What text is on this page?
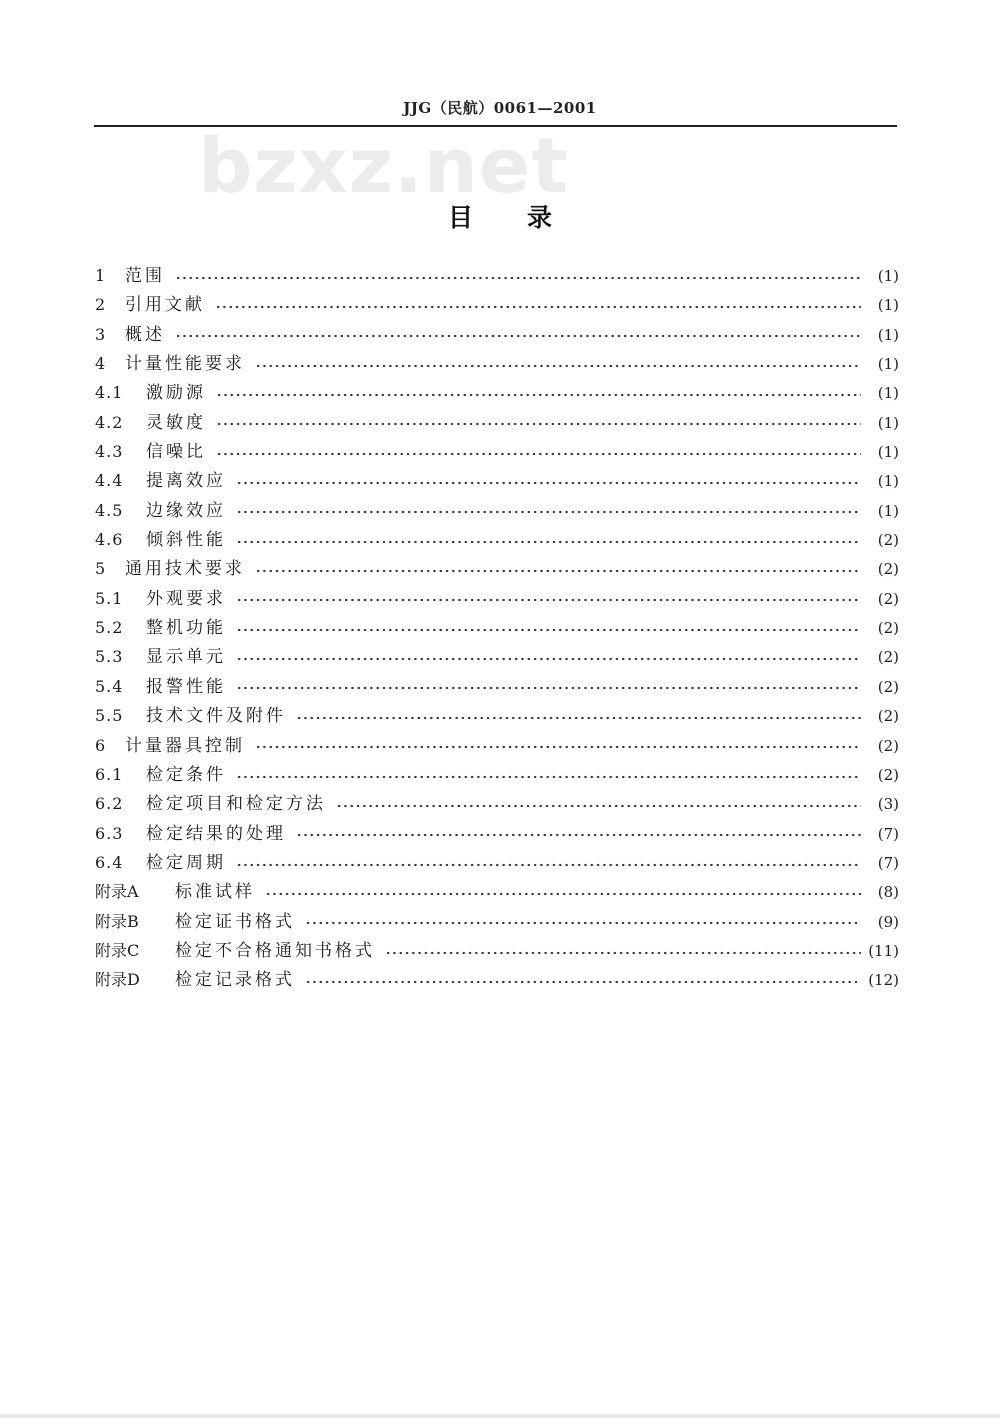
JJG（民航）0061—2001
bzxz.net
目录
1	范围	(1)
2	引用文献	(1)
3	概述	(1)
4	计量性能要求	(1)
4.1	激励源	(1)
4.2	灵敏度	(1)
4.3	信噪比	(1)
4.4	提离效应	(1)
4.5	边缘效应	(1)
4.6	倾斜性能	(2)
5	通用技术要求	(2)
5.1	外观要求	(2)
5.2	整机功能	(2)
5.3	显示单元	(2)
5.4	报警性能	(2)
5.5	技术文件及附件	(2)
6	计量器具控制	(2)
6.1	检定条件	(2)
6.2	检定项目和检定方法	(3)
6.3	检定结果的处理	(7)
6.4	检定周期	(7)
附录A	标准试样	(8)
附录B	检定证书格式	(9)
附录C	检定不合格通知书格式	(11)
附录D	检定记录格式	(12)
